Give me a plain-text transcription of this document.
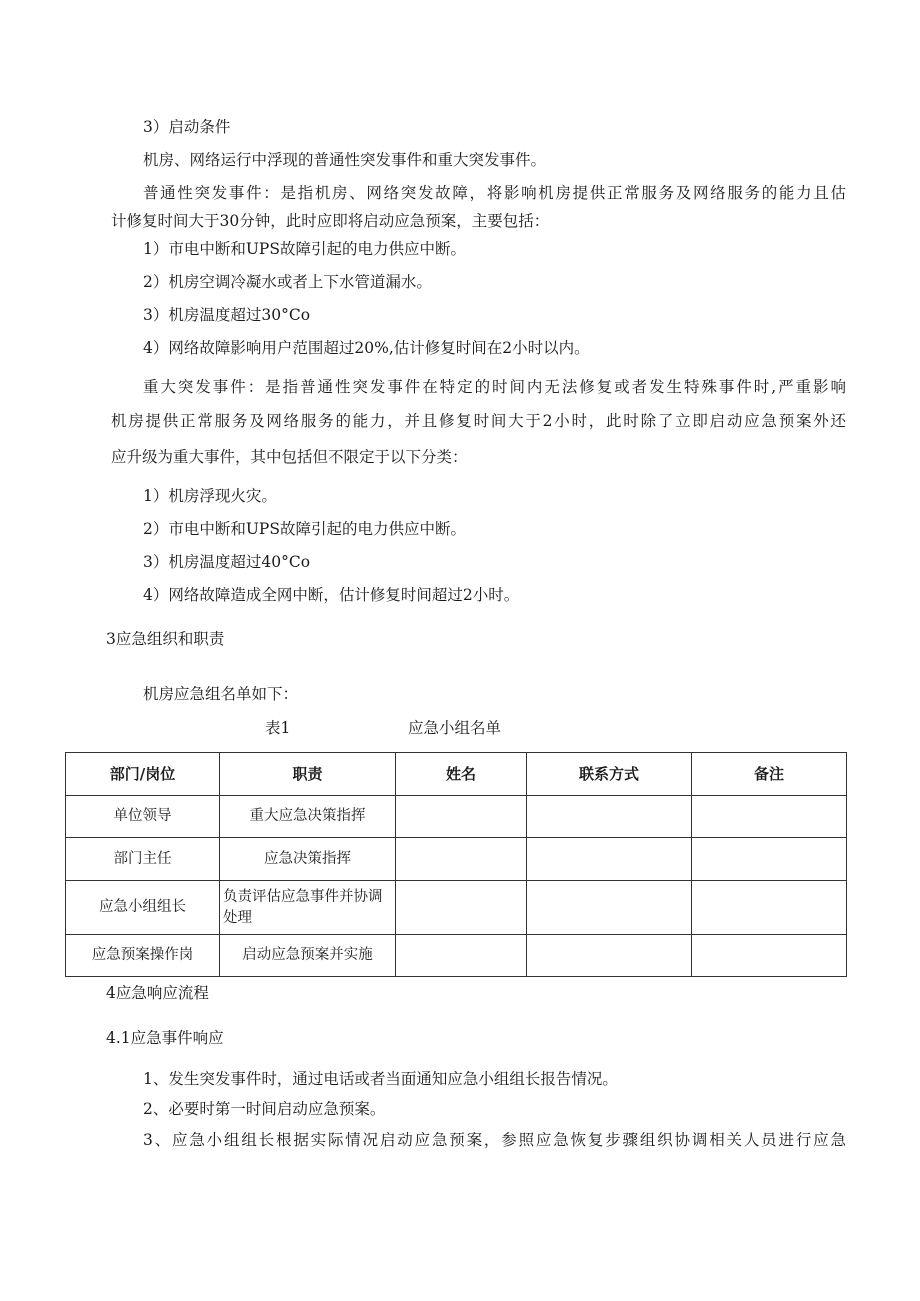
3）启动条件
机房、网络运行中浮现的普通性突发事件和重大突发事件。
普通性突发事件：是指机房、网络突发故障，将影响机房提供正常服务及网络服务的能力且估
计修复时间大于30分钟，此时应即将启动应急预案，主要包括：
1）市电中断和UPS故障引起的电力供应中断。
2）机房空调冷凝水或者上下水管道漏水。
3）机房温度超过30°Co
4）网络故障影响用户范围超过20%,估计修复时间在2小时以内。
重大突发事件：是指普通性突发事件在特定的时间内无法修复或者发生特殊事件时,严重影响
机房提供正常服务及网络服务的能力，并且修复时间大于2小时，此时除了立即启动应急预案外还
应升级为重大事件，其中包括但不限定于以下分类：
1）机房浮现火灾。
2）市电中断和UPS故障引起的电力供应中断。
3）机房温度超过40°Co
4）网络故障造成全网中断，估计修复时间超过2小时。
3应急组织和职责
机房应急组名单如下：
表1	应急小组名单
部门/岗位	职责	姓名	联系方式	备注
单位领导	重大应急决策指挥			
部门主任	应急决策指挥			
应急小组组长	负责评估应急事件并协调处理			
应急预案操作岗	启动应急预案并实施			
4应急响应流程
4.1应急事件响应
1、发生突发事件时，通过电话或者当面通知应急小组组长报告情况。
2、必要时第一时间启动应急预案。
3、应急小组组长根据实际情况启动应急预案，参照应急恢复步骤组织协调相关人员进行应急
